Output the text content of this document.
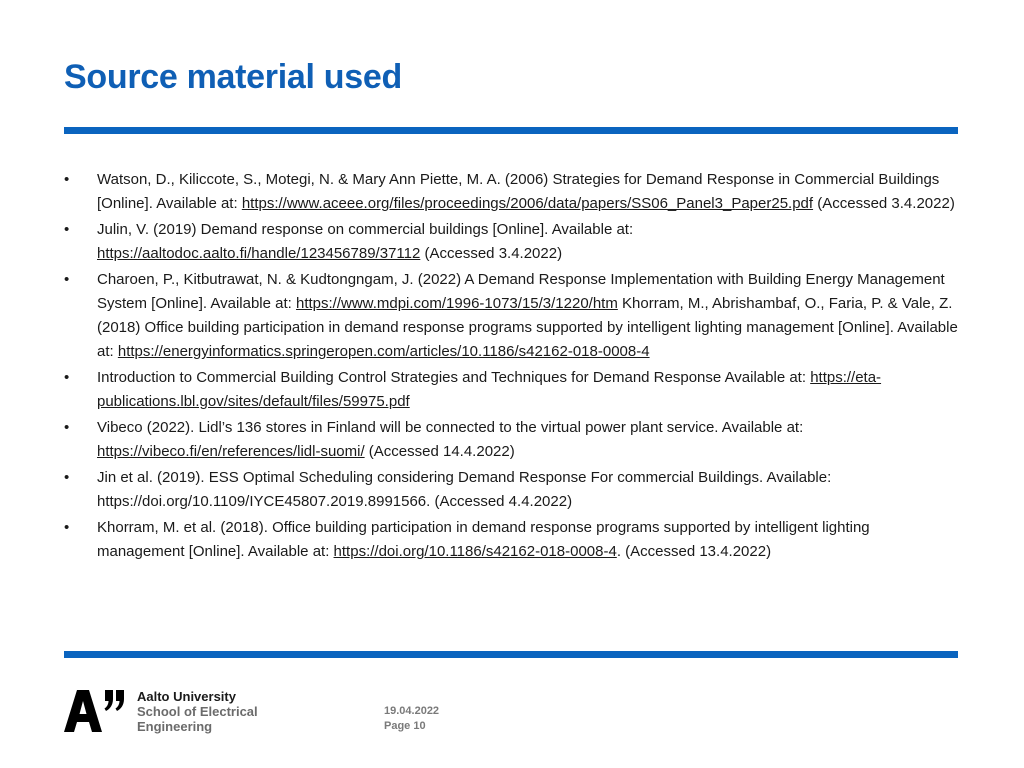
Source material used
•	Watson, D., Kiliccote, S., Motegi, N. & Mary Ann Piette, M. A. (2006) Strategies for Demand Response in Commercial Buildings [Online]. Available at: https://www.aceee.org/files/proceedings/2006/data/papers/SS06_Panel3_Paper25.pdf (Accessed 3.4.2022)
•	Julin, V. (2019) Demand response on commercial buildings [Online]. Available at: https://aaltodoc.aalto.fi/handle/123456789/37112 (Accessed 3.4.2022)
•	Charoen, P., Kitbutrawat, N. & Kudtongngam, J. (2022) A Demand Response Implementation with Building Energy Management System [Online]. Available at: https://www.mdpi.com/1996-1073/15/3/1220/htm Khorram, M., Abrishambaf, O., Faria, P. & Vale, Z. (2018) Office building participation in demand response programs supported by intelligent lighting management [Online]. Available at: https://energyinformatics.springeropen.com/articles/10.1186/s42162-018-0008-4
•	Introduction to Commercial Building Control Strategies and Techniques for Demand Response Available at: https://eta-publications.lbl.gov/sites/default/files/59975.pdf
•	Vibeco (2022). Lidl’s 136 stores in Finland will be connected to the virtual power plant service. Available at: https://vibeco.fi/en/references/lidl-suomi/ (Accessed 14.4.2022)
•	Jin et al. (2019). ESS Optimal Scheduling considering Demand Response For commercial Buildings. Available: https://doi.org/10.1109/IYCE45807.2019.8991566. (Accessed 4.4.2022)
•	Khorram, M. et al. (2018). Office building participation in demand response programs supported by intelligent lighting management [Online]. Available at: https://doi.org/10.1186/s42162-018-0008-4. (Accessed 13.4.2022)
Aalto University
School of Electrical
Engineering
19.04.2022
Page 10
